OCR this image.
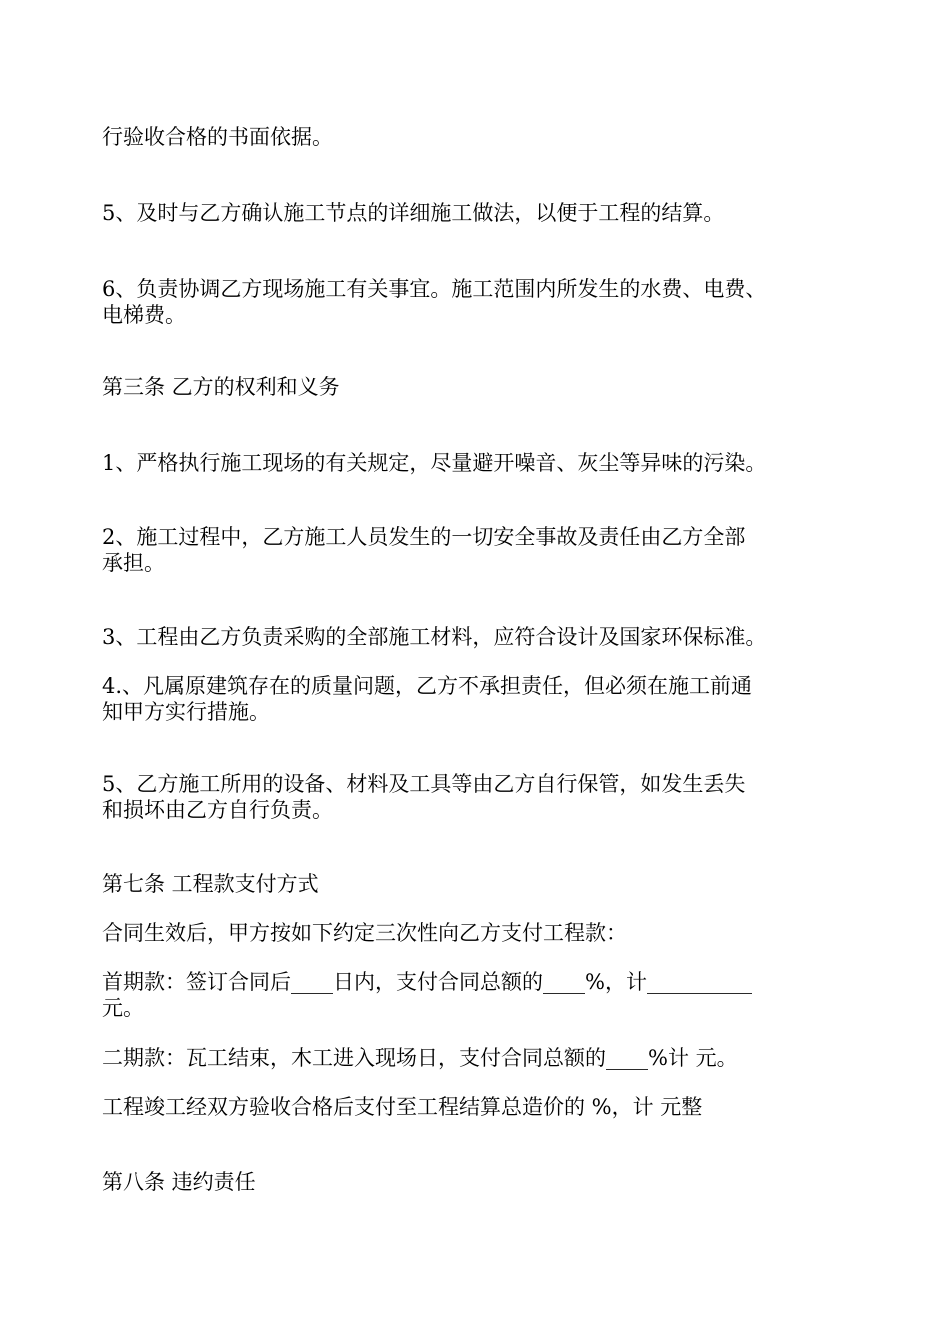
行验收合格的书面依据。

5、及时与乙方确认施工节点的详细施工做法，以便于工程的结算。

6、负责协调乙方现场施工有关事宜。施工范围内所发生的水费、电费、
电梯费。

第三条 乙方的权利和义务

1、严格执行施工现场的有关规定，尽量避开噪音、灰尘等异味的污染。

2、施工过程中，乙方施工人员发生的一切安全事故及责任由乙方全部
承担。

3、工程由乙方负责采购的全部施工材料，应符合设计及国家环保标准。

4.、凡属原建筑存在的质量问题，乙方不承担责任，但必须在施工前通
知甲方实行措施。

5、乙方施工所用的设备、材料及工具等由乙方自行保管，如发生丢失
和损坏由乙方自行负责。

第七条 工程款支付方式

合同生效后，甲方按如下约定三次性向乙方支付工程款：

首期款：签订合同后____日内，支付合同总额的____%，计__________
元。

二期款：瓦工结束，木工进入现场日，支付合同总额的____%计 元。

工程竣工经双方验收合格后支付至工程结算总造价的 %，计 元整

第八条 违约责任
